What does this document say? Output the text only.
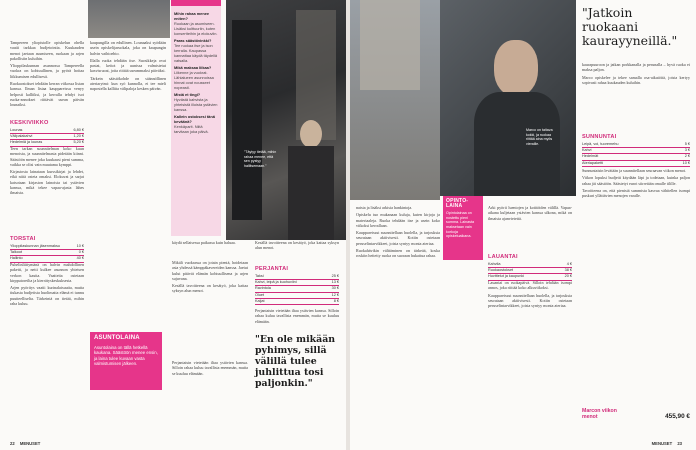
Tampereen yliopistolle opiskelun ohella vaatii tarkkaa budjetointia. Kuukauden menot jaetaan asumiseen, ruokaan ja arjen pakollisiin kuluihin.

Ylioppilaskunnan asunnossa Tampereella vuokra on kohtuullinen, ja pyörä hoitaa liikkumisen edullisesti.

Ruokaostokset tehdään kerran viikossa listan kanssa. Ilman listaa kauppareissu venyy helposti kalliiksi, ja kerralla tehdyt isot ruoka-annokset riittävät usean päivän lounaiksi.

KESKIVIIKKO
Lounas	6,80 €
Välipalakahvi	1,20 €
Hedelmiä ja lounas	5,20 €

Teen tarkan suunnitelman koko kuun menoista, ja suunnitelmasta pidetään kiinni. Säästöön menee joka kuukausi pieni summa, vaikka se olisi vain muutama kymppi.

Kirjastosta lainataan kurssikirjat ja lehdet, eikä niitä osteta omaksi. Elokuvat ja sarjat katsotaan kirjaston lainoista tai ystävien kanssa, mikä tekee vapaa-ajasta lähes ilmaista.

TORSTAI
Ylioppilaskunnan jäsenmaksu	10 €
Talkoot	0 €
Hallinto	40 €

Puhelinliittymänä on halvin mahdollinen paketti, ja netti kulkee asunnon yhteisen verkon kautta. Vaatteita ostetaan kirpputoreilta ja kierrätyskeskuksesta.

Arjen pyöritys vaatii kurinalaisuutta, mutta tiukasta budjetista huolimatta elämä ei tunnu puutteelliselta. Tärkeintä on tietää, mihin raha kuluu.

kaupungilla on edullinen. Lounaaksi syödään usein opiskelijaruokala, joka on kaupungin halvin vaihtoehto.

Illalla ruoka tehdään itse. Suosikkeja ovat pastat, keitot ja uunissa valmistetut kasvisruoat, joita riittää useammaksi päiväksi.

Tärkein säästökohde on säännöllinen ateriarytmi: kun syö kunnolla, ei tee mieli napostella kalliita välipaloja kesken päivän.

Mihin rahaa menee eniten?
Ruokaan ja asumiseen. Lisäksi kulttuuriin, kuten konsertteihin ja elokuviin.
Paras säästövinkki?
Tee ruokaa itse ja ison kerralla. Kaupassa kannattaa käydä täydellä vatsalla.
Mikä maksaa liikaa?
Liikenne ja vuokrat. Lähialueen asunnoissa hinnat ovat nousseet nopeasti.
Mistä et tingi?
Hyvästä kahvista ja yhteisistä illoista ystävien kanssa.
Kallein ostoksesi tänä keväänä?
Kenkäparit. Niitä tarvitaan joka päivä.
ASUNTOLAINA
Asuntolaina on tällä hetkellä kaukana. Säästöön menee ensin, ja laina tulee kuvaan vasta valmistumisen jälkeen.
"Täytyy tietää, mihin rahaa menee, että sen pystyy hallitsemaan."

käydä sellaisessa paikassa kuin haluaa.

Mikäli vuokrassa on jotain pientä, hoidetaan asia yhdessä kämppäkavereiden kanssa. Jaetut kulut pitävät elämän kohtuullisena ja arjen sujuvana.

Kesällä tavoitteena on kesätyö, joka kattaa syksyn alun menot.

Perjantaisin vietetään iltaa ystävien kanssa. Silloin rahaa kuluu tavallista enemmän, mutta se kuuluu elämään.

Kesällä tavoitteena on kesätyö, joka kattaa syksyn alun menot.

PERJANTAI
Taksi	25 €
Kahvi, leipä ja kuohuviini	13 €
Ravintola	30 €
Oluet	12 €
Kaljat	8 €

Perjantaisin vietetään iltaa ystävien kanssa. Silloin rahaa kuluu tavallista enemmän, mutta se kuuluu elämään.

"En ole mikään pyhimys, sillä välillä tulee juhlittua tosi paljonkin."
22 MENUSET

naista ja lisäksi arkisia hankintoja.

Opiskelu tuo mukanaan kuluja, kuten kirjoja ja materiaaleja. Ruoka tehdään itse ja usein koko viikoksi kerrallaan.

Kauppareissut suunnitellaan huolella, ja tarjouksia seurataan aktiivisesti. Kotiin ostetaan peruselintarvikkeet, joista syntyy monta ateriaa.

Ruokahävikin välttäminen on tärkeää, koska roskiin heitetty ruoka on suoraan hukattua rahaa.

OPINTO-LAINA
Opintolainaa on nostettu pieni summa. Lainasta maksetaan vain korkoja opiskeluaikana.

Arki pyörii luentojen ja kotitöiden välillä. Vapaa-aikana kuljetaan ystävien kanssa ulkona, mikä on ilmaista ajanvietettä.

LAUANTAI
Kahvila	4 €
Ruokaostokset	38 €
Huvittelut ja kaupunki	20 €

Lauantai on ruokapäivä. Silloin tehdään isompi annos, joka riittää koko alkuviikoksi.

Kauppareissut suunnitellaan huolella, ja tarjouksia seurataan aktiivisesti. Kotiin ostetaan peruselintarvikkeet, joista syntyy monta ateriaa.

Marco on taitava kokki, ja ruokaa riittää aina myös vieraille.
"Jatkoin ruokaani kaurayyneillä."

kaurapuuroon ja jatkan porkkanalla ja perunalla – hyvä ruoka ei maksa paljon.

Marco opiskelee ja tekee samalla osa-aikatöitä, joista kertyy sopivasti rahaa kuukauden kuluihin.

SUNNUNTAI
Leipä, voi, tuoremehu	5 €
Kahvi	3 €
Hedelmät	2 €
Ateriapaketti	10 €

Sunnuntaisin levätään ja suunnitellaan seuraavan viikon menot.

Viikon lopuksi budjetti käydään läpi ja todetaan, kuinka paljon rahaa jäi säästöön. Säästetyt eurot siirretään omalle tilille.

Tavoitteena on, että pienistä summista kasvaa vähitellen isompi puskuri yllättävien menojen varalle.

Marcon viikon menot	455,90 €
MENUSET 23
